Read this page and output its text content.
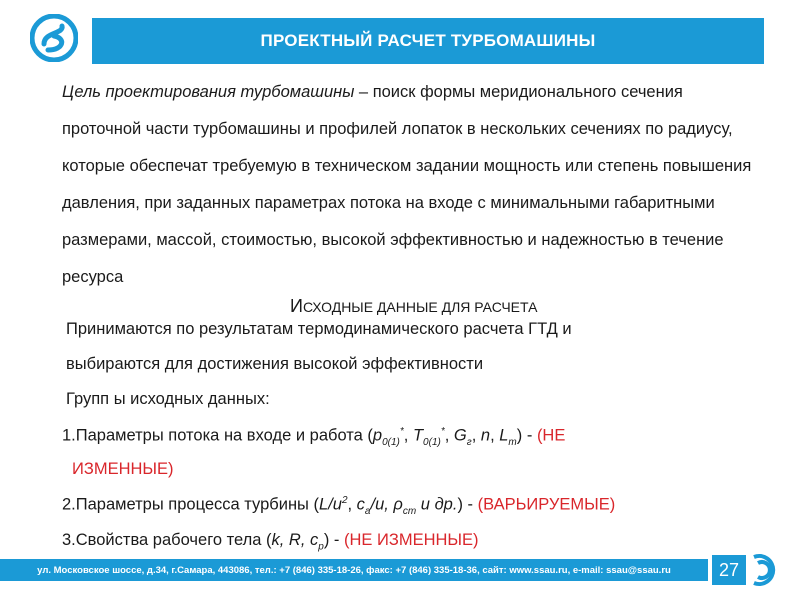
ПРОЕКТНЫЙ РАСЧЕТ ТУРБОМАШИНЫ
Цель проектирования турбомашины – поиск формы меридионального сечения проточной части турбомашины и профилей лопаток в нескольких сечениях по радиусу, которые обеспечат требуемую в техническом задании мощность или степень повышения давления, при заданных параметрах потока на входе с минимальными габаритными размерами, массой, стоимостью, высокой эффективностью и надежностью в течение ресурса
ИСХОДНЫЕ ДАННЫЕ ДЛЯ РАСЧЕТА
Принимаются по результатам термодинамического расчета ГТД и
выбираются для достижения высокой эффективности
Групп ы исходных данных:
1.Параметры потока на входе и работа ($p_{0(1)}^*$, $T_{0(1)}^*$, $G_г$, n, $L_m) - (НЕ$
ИЗМЕННЫЕ)
2.Параметры процесса турбины ($L/u^2$, $c_a/u$, $\rho_{ст}$ и др.) - (ВАРЬИРУЕМЫЕ)
3.Свойства рабочего тела (k, R, $c_p) - (НЕ$ ИЗМЕННЫЕ)
ул. Московское шоссе, д.34, г.Самара, 443086, тел.: +7 (846) 335-18-26, факс: +7 (846) 335-18-36, сайт: www.ssau.ru, e-mail: ssau@ssau.ru	27
